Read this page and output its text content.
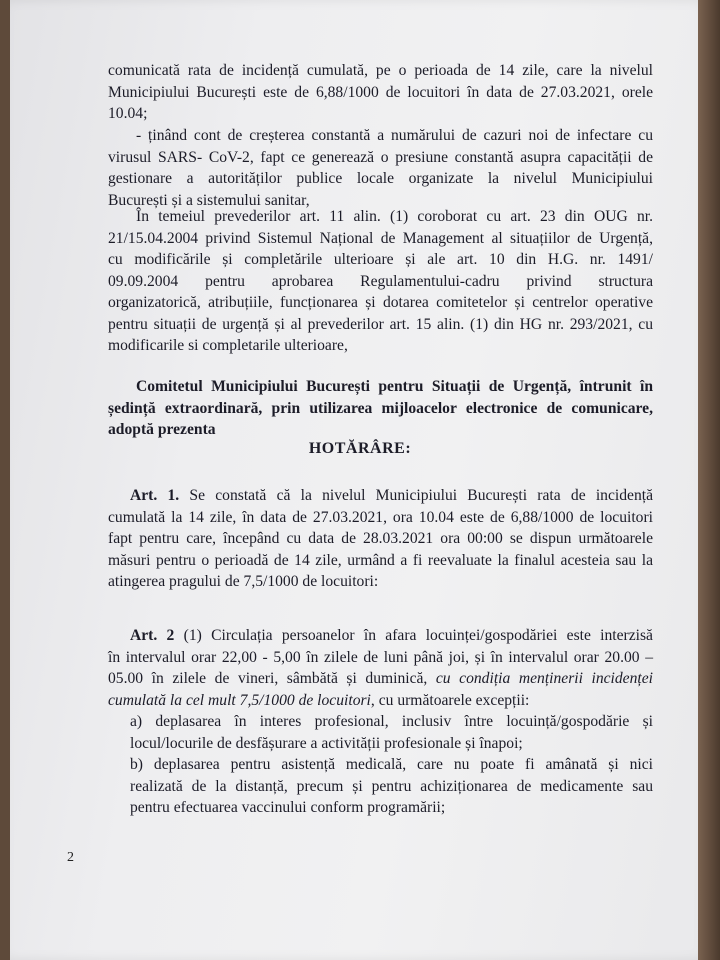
comunicată rata de incidență cumulată, pe o perioada de 14 zile, care la nivelul
Municipiului București este de 6,88/1000 de locuitori în data de 27.03.2021, orele
10.04;
- ținând cont de creșterea constantă a numărului de cazuri noi de infectare cu
virusul SARS- CoV-2, fapt ce generează o presiune constantă asupra capacității de
gestionare a autorităților publice locale organizate la nivelul Municipiului
București și a sistemului sanitar,
În temeiul prevederilor art. 11 alin. (1) coroborat cu art. 23 din OUG nr.
21/15.04.2004 privind Sistemul Național de Management al situațiilor de Urgență,
cu modificările și completările ulterioare și ale art. 10 din H.G. nr. 1491/
09.09.2004 pentru aprobarea Regulamentului-cadru privind structura
organizatorică, atribuțiile, funcționarea și dotarea comitetelor și centrelor operative
pentru situații de urgență și al prevederilor art. 15 alin. (1) din HG nr. 293/2021, cu
modificarile si completarile ulterioare,
Comitetul Municipiului București pentru Situații de Urgență, întrunit în
ședință extraordinară, prin utilizarea mijloacelor electronice de comunicare,
adoptă prezenta
HOTĂRÂRE:
Art. 1. Se constată că la nivelul Municipiului București rata de incidență
cumulată la 14 zile, în data de 27.03.2021, ora 10.04 este de 6,88/1000 de locuitori
fapt pentru care, începând cu data de 28.03.2021 ora 00:00 se dispun următoarele
măsuri pentru o perioadă de 14 zile, urmând a fi reevaluate la finalul acesteia sau la
atingerea pragului de 7,5/1000 de locuitori:
Art. 2 (1) Circulația persoanelor în afara locuinței/gospodăriei este interzisă
în intervalul orar 22,00 - 5,00 în zilele de luni până joi, și în intervalul orar 20.00 –
05.00 în zilele de vineri, sâmbătă și duminică, cu condiția menținerii incidenței
cumulată la cel mult 7,5/1000 de locuitori, cu următoarele excepții:
a) deplasarea în interes profesional, inclusiv între locuință/gospodărie și
locul/locurile de desfășurare a activității profesionale și înapoi;
b) deplasarea pentru asistență medicală, care nu poate fi amânată și nici
realizată de la distanță, precum și pentru achiziționarea de medicamente sau
pentru efectuarea vaccinului conform programării;
2
